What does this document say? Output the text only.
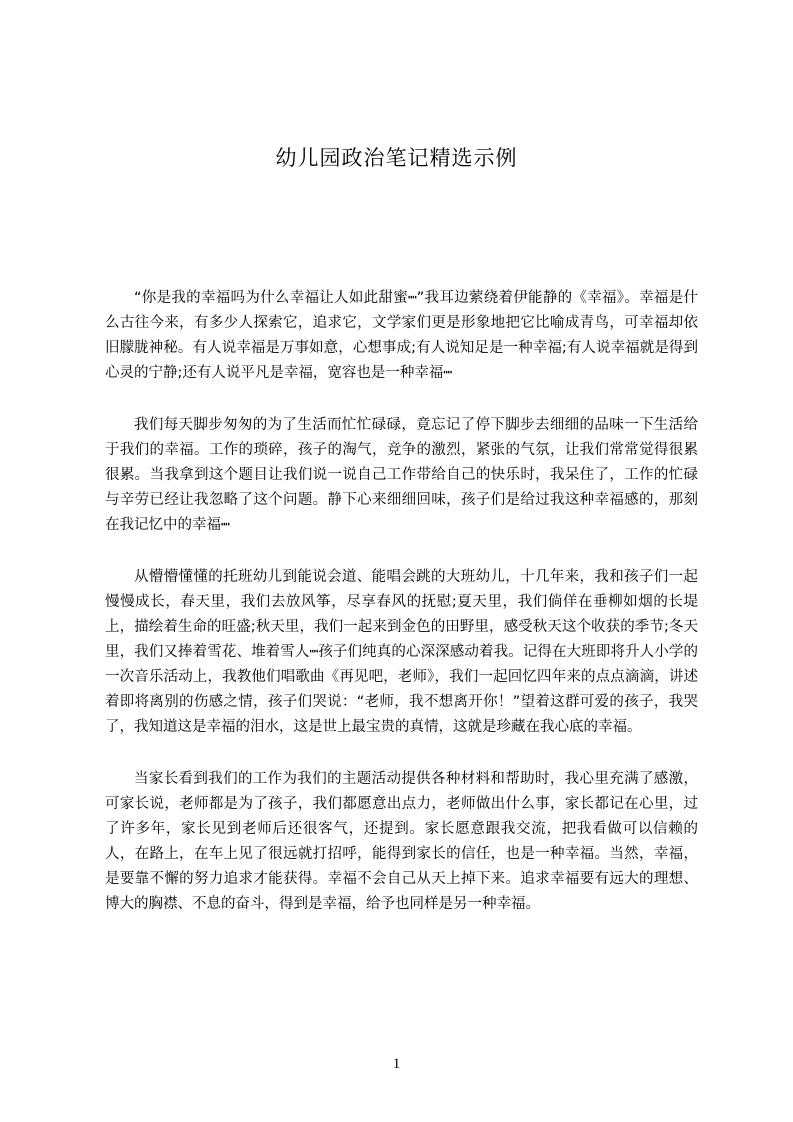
幼儿园政治笔记精选示例

“你是我的幸福吗为什么幸福让人如此甜蜜┉”我耳边萦绕着伊能静的《幸福》。幸福是什么古往今来，有多少人探索它，追求它，文学家们更是形象地把它比喻成青鸟，可幸福却依旧朦胧神秘。有人说幸福是万事如意，心想事成;有人说知足是一种幸福;有人说幸福就是得到心灵的宁静;还有人说平凡是幸福，宽容也是一种幸福┉

我们每天脚步匆匆的为了生活而忙忙碌碌，竟忘记了停下脚步去细细的品味一下生活给于我们的幸福。工作的琐碎，孩子的淘气，竞争的激烈，紧张的气氛，让我们常常觉得很累很累。当我拿到这个题目让我们说一说自己工作带给自己的快乐时，我呆住了，工作的忙碌与辛劳已经让我忽略了这个问题。静下心来细细回味，孩子们是给过我这种幸福感的，那刻在我记忆中的幸福┉

从懵懵懂懂的托班幼儿到能说会道、能唱会跳的大班幼儿，十几年来，我和孩子们一起慢慢成长，春天里，我们去放风筝，尽享春风的抚慰;夏天里，我们倘佯在垂柳如烟的长堤上，描绘着生命的旺盛;秋天里，我们一起来到金色的田野里，感受秋天这个收获的季节;冬天里，我们又捧着雪花、堆着雪人┉孩子们纯真的心深深感动着我。记得在大班即将升人小学的一次音乐活动上，我教他们唱歌曲《再见吧，老师》，我们一起回忆四年来的点点滴滴，讲述着即将离别的伤感之情，孩子们哭说：“老师，我不想离开你！”望着这群可爱的孩子，我哭了，我知道这是幸福的泪水，这是世上最宝贵的真情，这就是珍藏在我心底的幸福。

当家长看到我们的工作为我们的主题活动提供各种材料和帮助时，我心里充满了感激，可家长说，老师都是为了孩子，我们都愿意出点力，老师做出什么事，家长都记在心里，过了许多年，家长见到老师后还很客气，还提到。家长愿意跟我交流，把我看做可以信赖的人，在路上，在车上见了很远就打招呼，能得到家长的信任，也是一种幸福。当然，幸福，是要靠不懈的努力追求才能获得。幸福不会自己从天上掉下来。追求幸福要有远大的理想、博大的胸襟、不息的奋斗，得到是幸福，给予也同样是另一种幸福。

1
